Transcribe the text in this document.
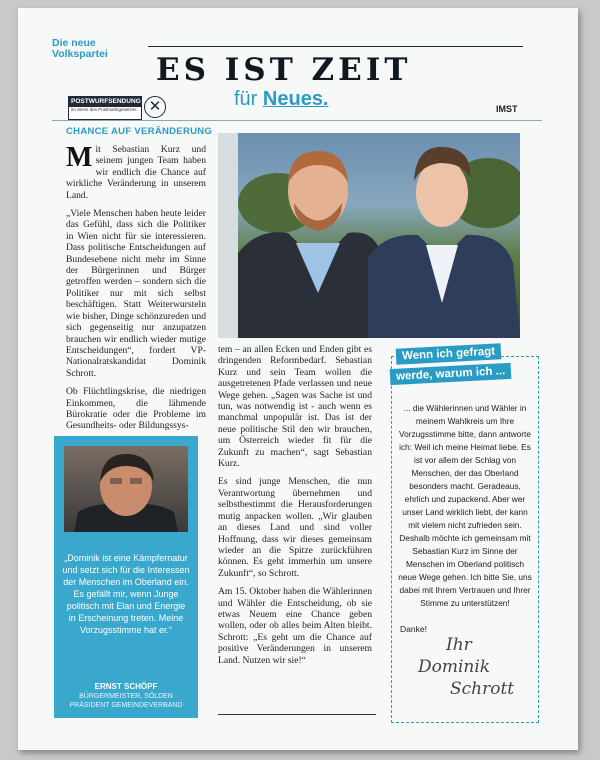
Die neue
Volkspartei ES IST ZEIT
für Neues.
POSTWURFSENDUNG
im Sinne des Postmarktgesetzes ✕	IMST
CHANCE AUF VERÄNDERUNG

Mit Sebastian Kurz und seinem jungen Team haben wir endlich die Chance auf wirkliche Veränderung in unserem Land.

„Viele Menschen haben heute leider das Gefühl, dass sich die Politiker in Wien nicht für sie interessieren. Dass politische Entscheidungen auf Bundesebene nicht mehr im Sinne der Bürgerinnen und Bürger getroffen werden – sondern sich die Politiker nur mit sich selbst beschäftigen. Statt Weiterwursteln wie bisher, Dinge schönzureden und sich gegenseitig nur anzupatzen brauchen wir endlich wieder mutige Entscheidungen“, fordert VP-Nationalratskandidat Dominik Schrott.

Ob Flüchtlingskrise, die niedrigen Einkommen, die lähmende Bürokratie oder die Probleme im Gesundheits- oder Bildungssys-

tem – an allen Ecken und Enden gibt es dringenden Reformbedarf. Sebastian Kurz und sein Team wollen die ausgetretenen Pfade verlassen und neue Wege gehen. „Sagen was Sache ist und tun, was notwendig ist - auch wenn es manchmal unpopulär ist. Das ist der neue politische Stil den wir brauchen, um Österreich wieder fit für die Zukunft zu machen“, sagt Sebastian Kurz.

Es sind junge Menschen, die nun Verantwortung übernehmen und selbstbestimmt die Herausforderungen mutig anpacken wollen. „Wir glauben an dieses Land und sind voller Hoffnung, dass wir dieses gemeinsam wieder an die Spitze zurückführen können. Es geht immerhin um unsere Zukunft“, so Schrott.

Am 15. Oktober haben die Wählerinnen und Wähler die Entscheidung, ob sie etwas Neuem eine Chance geben wollen, oder ob alles beim Alten bleibt. Schrott: „Es geht um die Chance auf positive Veränderungen in unserem Land. Nutzen wir sie!“

„Dominik ist eine Kämpfernatur und setzt sich für die Interessen der Menschen im Oberland ein. Es gefällt mir, wenn Junge politisch mit Elan und Energie in Erscheinung treten. Meine Vorzugsstimme hat er.“
ERNST SCHÖPF
BÜRGERMEISTER, SÖLDEN
PRÄSIDENT GEMEINDEVERBAND
Wenn ich gefragt
werde, warum ich ...
... die Wählerinnen und Wähler in meinem Wahlkreis um Ihre Vorzugsstimme bitte, dann antworte ich: Weil ich meine Heimat liebe. Es ist vor allem der Schlag von Menschen, der das Oberland besonders macht. Geradeaus, ehrlich und zupackend. Aber wer unser Land wirklich liebt, der kann mit vielem nicht zufrieden sein. Deshalb möchte ich gemeinsam mit Sebastian Kurz im Sinne der Menschen im Oberland politisch neue Wege gehen. Ich bitte Sie, uns dabei mit Ihrem Vertrauen und Ihrer Stimme zu unterstützen!
Danke!
Ihr
Dominik
Schrott
